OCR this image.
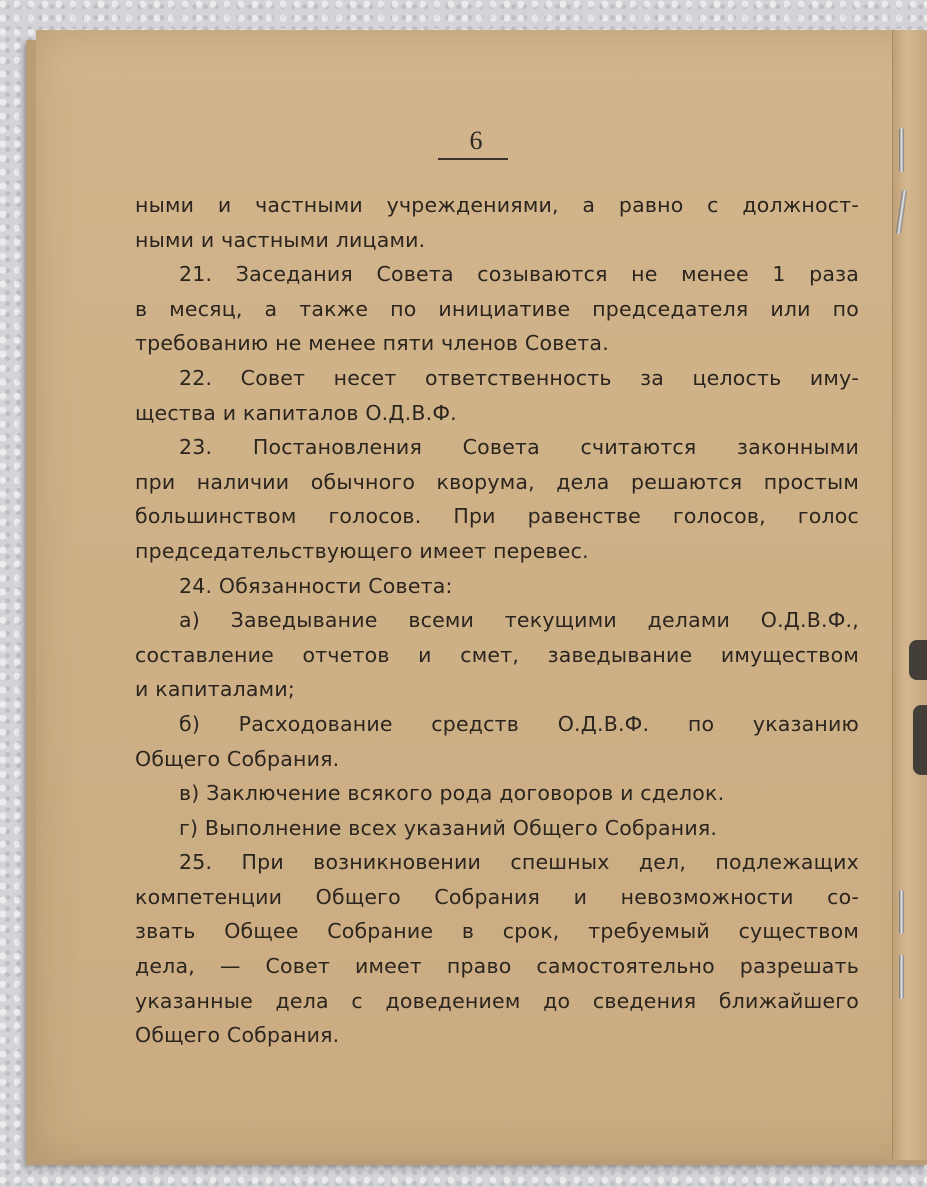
6
ными и частными учреждениями, а равно с должност-
ными и частными лицами.
21. Заседания Совета созываются не менее 1 раза
в месяц, а также по инициативе председателя или по
требованию не менее пяти членов Совета.
22. Совет несет ответственность за целость иму-
щества и капиталов О.Д.В.Ф.
23. Постановления Совета считаются законными
при наличии обычного кворума, дела решаются простым
большинством голосов. При равенстве голосов, голос
председательствующего имеет перевес.
24. Обязанности Совета:
а) Заведывание всеми текущими делами О.Д.В.Ф.,
составление отчетов и смет, заведывание имуществом
и капиталами;
б) Расходование средств О.Д.В.Ф. по указанию
Общего Собрания.
в) Заключение всякого рода договоров и сделок.
г) Выполнение всех указаний Общего Собрания.
25. При возникновении спешных дел, подлежащих
компетенции Общего Собрания и невозможности со-
звать Общее Собрание в срок, требуемый существом
дела, — Совет имеет право самостоятельно разрешать
указанные дела с доведением до сведения ближайшего
Общего Собрания.
